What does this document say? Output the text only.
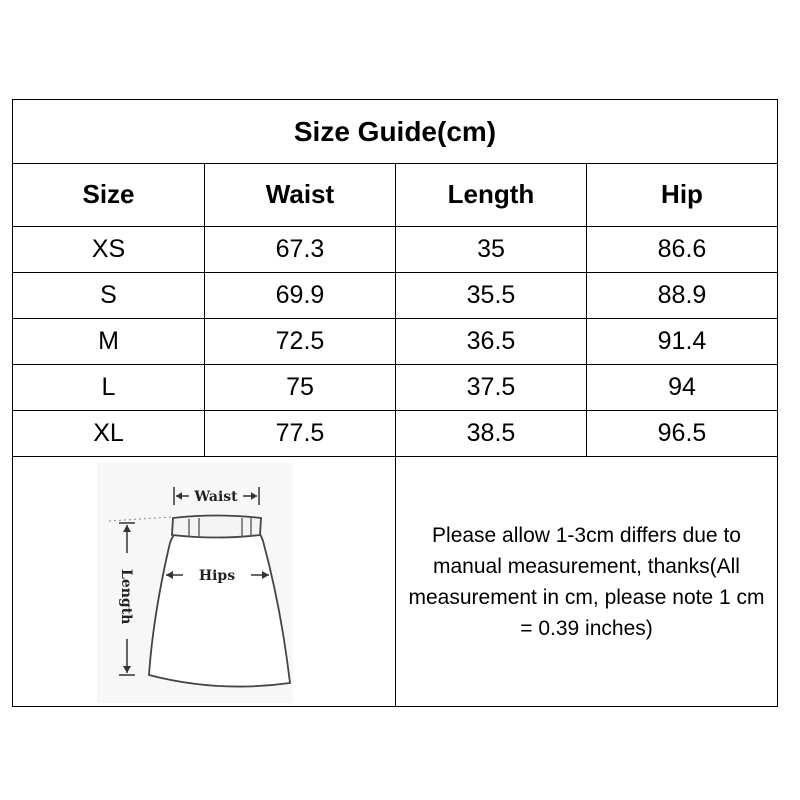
Size Guide(cm)
Size	Waist	Length	Hip
XS	67.3	35	86.6
S	69.9	35.5	88.9
M	72.5	36.5	91.4
L	75	37.5	94
XL	77.5	38.5	96.5
Waist
Length	Hips
Please allow 1-3cm differs due to manual measurement, thanks(All measurement in cm, please note 1 cm = 0.39 inches)
